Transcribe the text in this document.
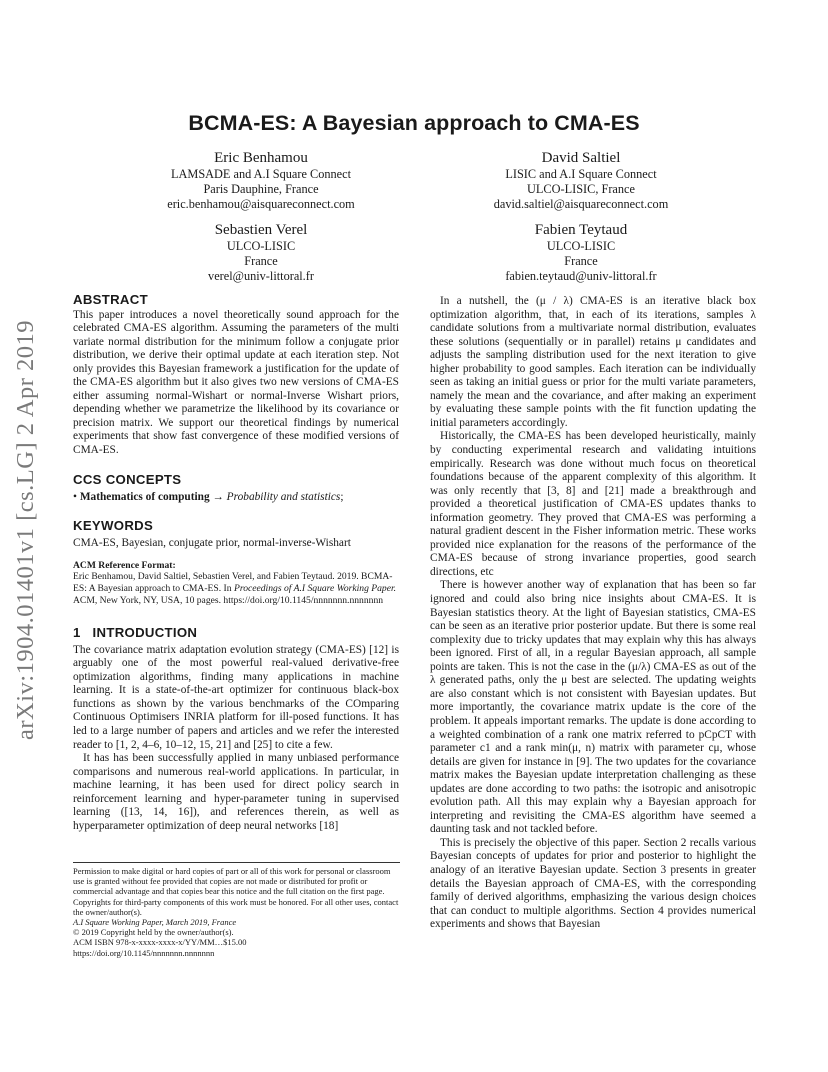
arXiv:1904.01401v1 [cs.LG] 2 Apr 2019
BCMA-ES: A Bayesian approach to CMA-ES
Eric Benhamou
LAMSADE and A.I Square Connect
Paris Dauphine, France
eric.benhamou@aisquareconnect.com
David Saltiel
LISIC and A.I Square Connect
ULCO-LISIC, France
david.saltiel@aisquareconnect.com
Sebastien Verel
ULCO-LISIC
France
verel@univ-littoral.fr
Fabien Teytaud
ULCO-LISIC
France
fabien.teytaud@univ-littoral.fr
ABSTRACT

This paper introduces a novel theoretically sound approach for the celebrated CMA-ES algorithm. Assuming the parameters of the multi variate normal distribution for the minimum follow a conjugate prior distribution, we derive their optimal update at each iteration step. Not only provides this Bayesian framework a justification for the update of the CMA-ES algorithm but it also gives two new versions of CMA-ES either assuming normal-Wishart or normal-Inverse Wishart priors, depending whether we parametrize the likelihood by its covariance or precision matrix. We support our theoretical findings by numerical experiments that show fast convergence of these modified versions of CMA-ES.

CCS CONCEPTS

• Mathematics of computing → Probability and statistics;

KEYWORDS

CMA-ES, Bayesian, conjugate prior, normal-inverse-Wishart

ACM Reference Format:
Eric Benhamou, David Saltiel, Sebastien Verel, and Fabien Teytaud. 2019. BCMA-ES: A Bayesian approach to CMA-ES. In Proceedings of A.I Square Working Paper. ACM, New York, NY, USA, 10 pages. https://doi.org/10.1145/nnnnnnn.nnnnnnn
1 INTRODUCTION

The covariance matrix adaptation evolution strategy (CMA-ES) [12] is arguably one of the most powerful real-valued derivative-free optimization algorithms, finding many applications in machine learning. It is a state-of-the-art optimizer for continuous black-box functions as shown by the various benchmarks of the COmparing Continuous Optimisers INRIA platform for ill-posed functions. It has led to a large number of papers and articles and we refer the interested reader to [1, 2, 4–6, 10–12, 15, 21] and [25] to cite a few.

It has has been successfully applied in many unbiased performance comparisons and numerous real-world applications. In particular, in machine learning, it has been used for direct policy search in reinforcement learning and hyper-parameter tuning in supervised learning ([13, 14, 16]), and references therein, as well as hyperparameter optimization of deep neural networks [18]

Permission to make digital or hard copies of part or all of this work for personal or classroom use is granted without fee provided that copies are not made or distributed for profit or commercial advantage and that copies bear this notice and the full citation on the first page. Copyrights for third-party components of this work must be honored. For all other uses, contact the owner/author(s).
A.I Square Working Paper, March 2019, France
© 2019 Copyright held by the owner/author(s).
ACM ISBN 978-x-xxxx-xxxx-x/YY/MM…$15.00
https://doi.org/10.1145/nnnnnnn.nnnnnnn

In a nutshell, the (μ / λ) CMA-ES is an iterative black box optimization algorithm, that, in each of its iterations, samples λ candidate solutions from a multivariate normal distribution, evaluates these solutions (sequentially or in parallel) retains μ candidates and adjusts the sampling distribution used for the next iteration to give higher probability to good samples. Each iteration can be individually seen as taking an initial guess or prior for the multi variate parameters, namely the mean and the covariance, and after making an experiment by evaluating these sample points with the fit function updating the initial parameters accordingly.

Historically, the CMA-ES has been developed heuristically, mainly by conducting experimental research and validating intuitions empirically. Research was done without much focus on theoretical foundations because of the apparent complexity of this algorithm. It was only recently that [3, 8] and [21] made a breakthrough and provided a theoretical justification of CMA-ES updates thanks to information geometry. They proved that CMA-ES was performing a natural gradient descent in the Fisher information metric. These works provided nice explanation for the reasons of the performance of the CMA-ES because of strong invariance properties, good search directions, etc

There is however another way of explanation that has been so far ignored and could also bring nice insights about CMA-ES. It is Bayesian statistics theory. At the light of Bayesian statistics, CMA-ES can be seen as an iterative prior posterior update. But there is some real complexity due to tricky updates that may explain why this has always been ignored. First of all, in a regular Bayesian approach, all sample points are taken. This is not the case in the (μ/λ) CMA-ES as out of the λ generated paths, only the μ best are selected. The updating weights are also constant which is not consistent with Bayesian updates. But more importantly, the covariance matrix update is the core of the problem. It appeals important remarks. The update is done according to a weighted combination of a rank one matrix referred to pCpCT with parameter c1 and a rank min(μ, n) matrix with parameter cμ, whose details are given for instance in [9]. The two updates for the covariance matrix makes the Bayesian update interpretation challenging as these updates are done according to two paths: the isotropic and anisotropic evolution path. All this may explain why a Bayesian approach for interpreting and revisiting the CMA-ES algorithm have seemed a daunting task and not tackled before.

This is precisely the objective of this paper. Section 2 recalls various Bayesian concepts of updates for prior and posterior to highlight the analogy of an iterative Bayesian update. Section 3 presents in greater details the Bayesian approach of CMA-ES, with the corresponding family of derived algorithms, emphasizing the various design choices that can conduct to multiple algorithms. Section 4 provides numerical experiments and shows that Bayesian
